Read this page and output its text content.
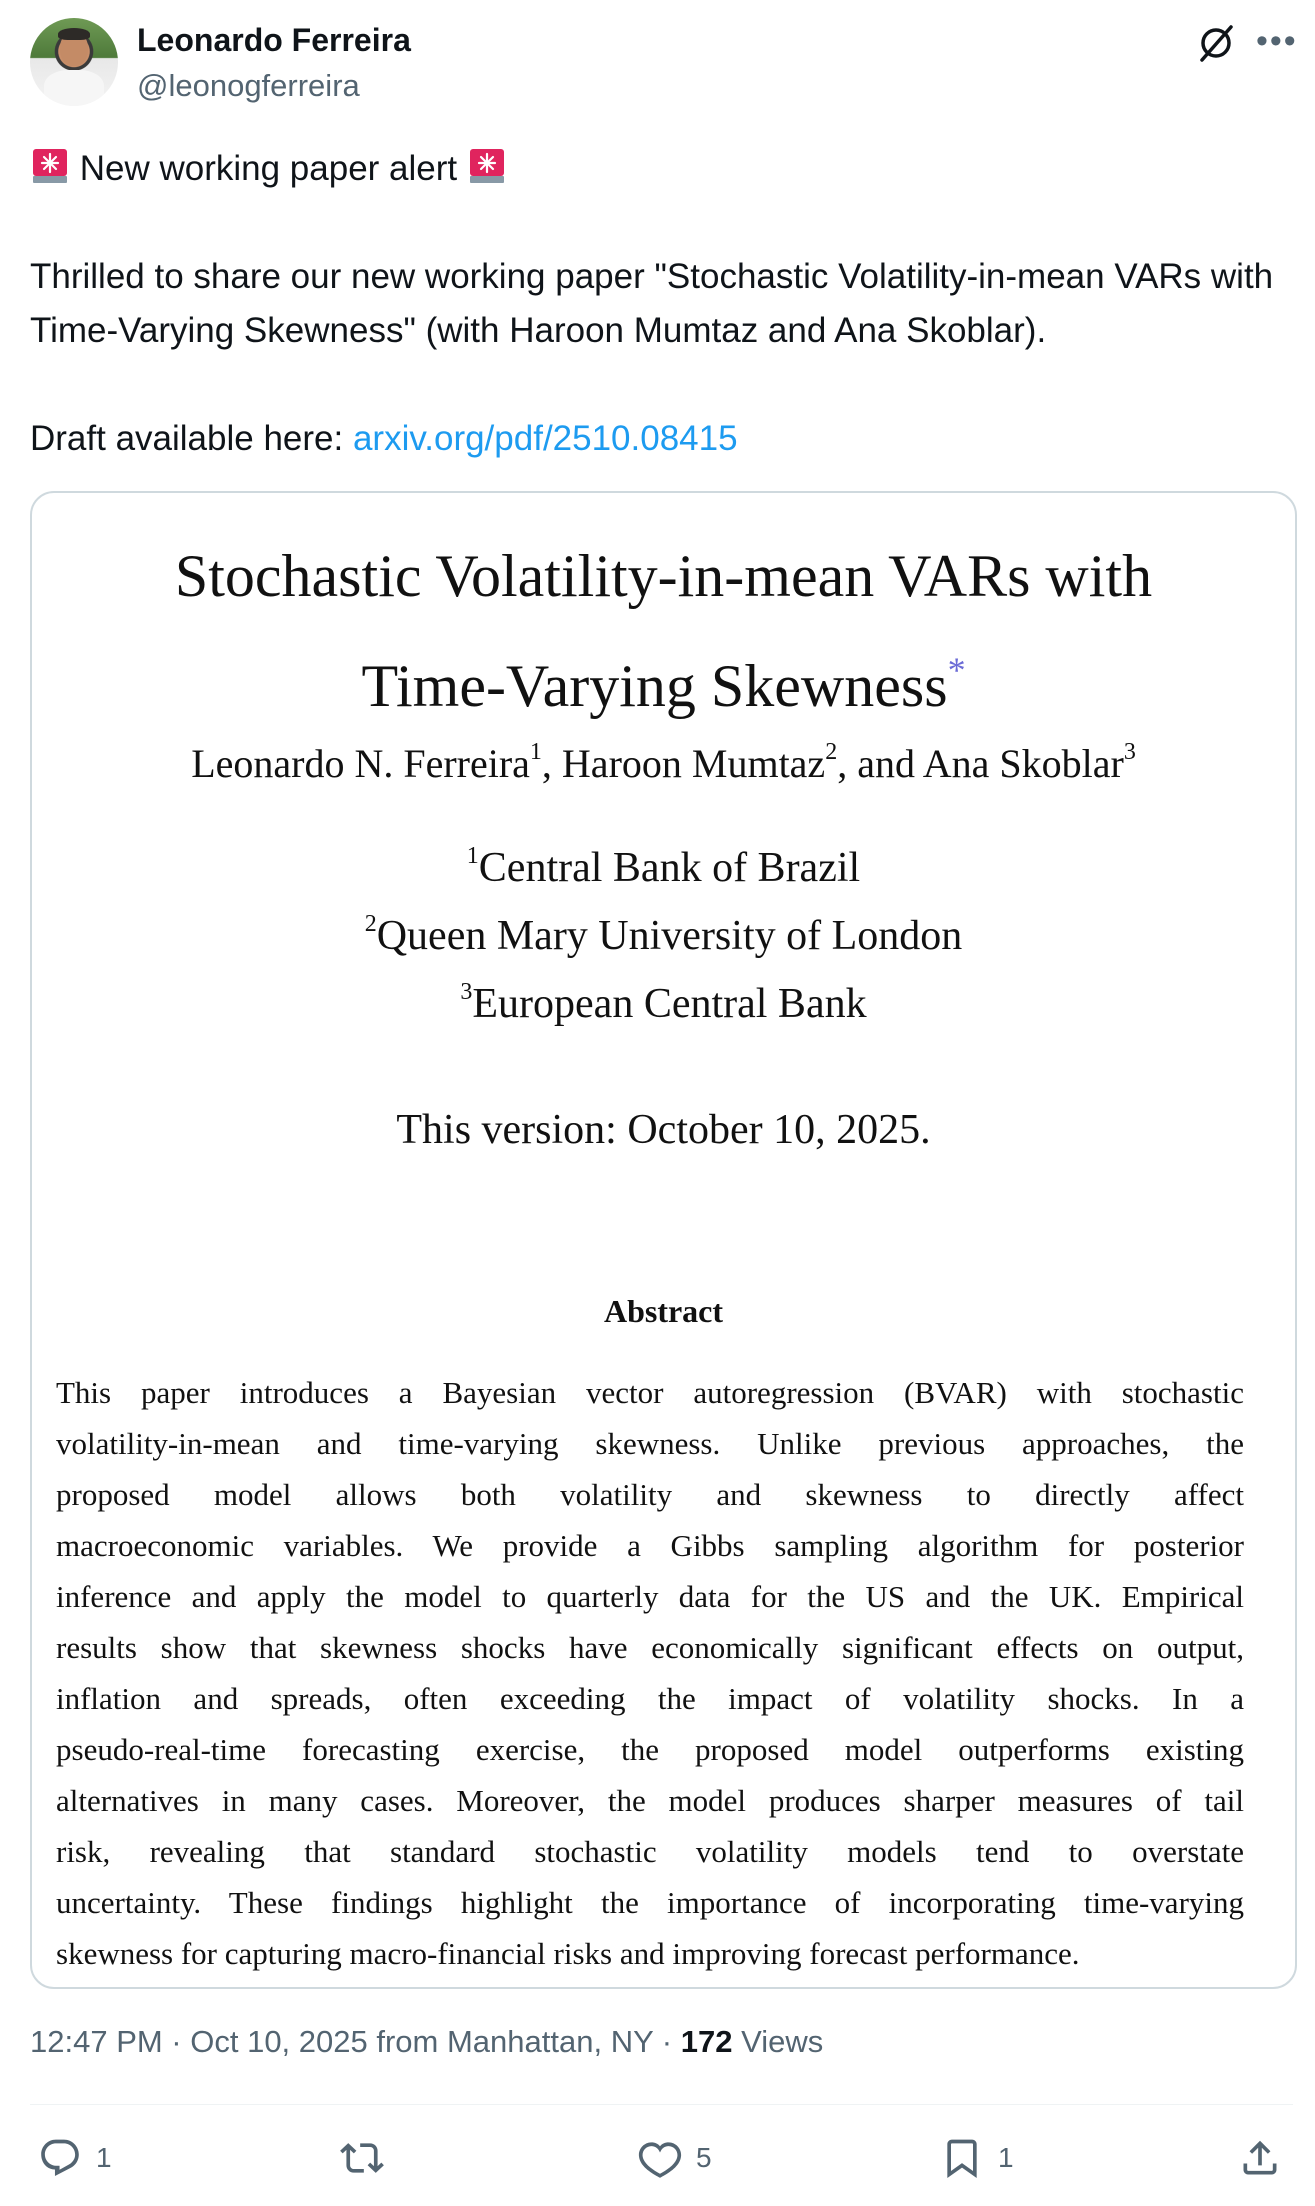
Leonardo Ferreira
@leonogferreira
•••
New working paper alert
Thrilled to share our new working paper "Stochastic Volatility-in-mean VARs with Time-Varying Skewness" (with Haroon Mumtaz and Ana Skoblar).
Draft available here: arxiv.org/pdf/2510.08415
Stochastic Volatility-in-mean VARs with
Time-Varying Skewness*
Leonardo N. Ferreira$^1$, Haroon Mumtaz$^2$, and Ana Skoblar$^3$
$^1$Central Bank of Brazil
$^2$Queen Mary University of London
$^3$European Central Bank
This version: October 10, 2025.
Abstract
This paper introduces a Bayesian vector autoregression (BVAR) with stochastic
volatility-in-mean and time-varying skewness. Unlike previous approaches, the
proposed model allows both volatility and skewness to directly affect
macroeconomic variables. We provide a Gibbs sampling algorithm for posterior
inference and apply the model to quarterly data for the US and the UK. Empirical
results show that skewness shocks have economically significant effects on output,
inflation and spreads, often exceeding the impact of volatility shocks. In a
pseudo-real-time forecasting exercise, the proposed model outperforms existing
alternatives in many cases. Moreover, the model produces sharper measures of tail
risk, revealing that standard stochastic volatility models tend to overstate
uncertainty. These findings highlight the importance of incorporating time-varying
skewness for capturing macro-financial risks and improving forecast performance.
12:47 PM · Oct 10, 2025 from Manhattan, NY · 172 Views
1	5	1
